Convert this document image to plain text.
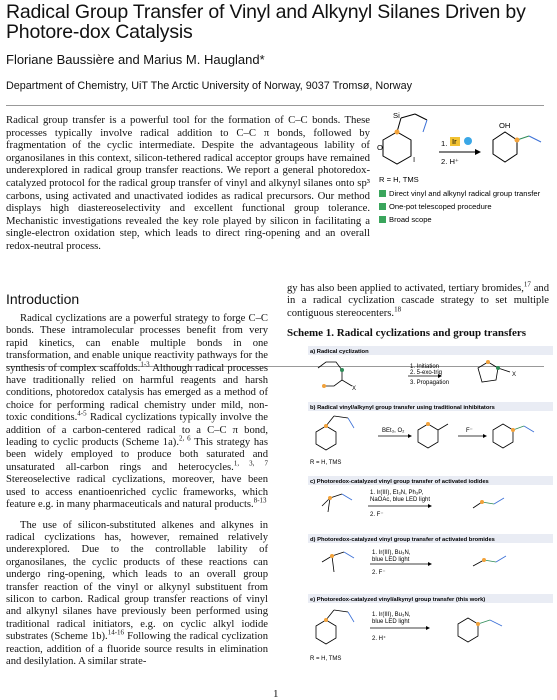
Radical Group Transfer of Vinyl and Alkynyl Silanes Driven by Photore-dox Catalysis
Floriane Baussière and Marius M. Haugland*
Department of Chemistry, UiT The Arctic University of Norway, 9037 Tromsø, Norway
Radical group transfer is a powerful tool for the formation of C–C bonds. These processes typically involve radical addition to C–C π bonds, followed by fragmentation of the cyclic intermediate. Despite the advantageous lability of organosilanes in this context, silicon-tethered radical acceptor groups have remained underexplored in radical group transfer reactions. We report a general photoredox-catalyzed protocol for the radical group transfer of vinyl and alkynyl silanes onto sp³ carbons, using activated and unactivated iodides as radical precursors. Our method displays high diastereoselectivity and excellent functional group tolerance. Mechanistic investigations revealed the key role played by silicon in facilitating a single-electron oxidation step, which leads to direct ring-opening and an overall redox-neutral process.
Si
O
I
1. Ir
2. H⁺
OH
R = H, TMS
Direct vinyl and alkynyl radical group transfer
One-pot telescoped procedure
Broad scope
Introduction

Radical cyclizations are a powerful strategy to forge C–C bonds. These intramolecular processes benefit from very rapid kinetics, can enable multiple bonds in one transformation, and enable unique reactivity pathways for the synthesis of complex scaffolds.$^{1-3}$ Although radical processes have traditionally relied on harmful reagents and harsh conditions, photoredox catalysis has emerged as a method of choice for performing radical chemistry under mild, non-toxic conditions.$^{4-5}$ Radical cyclizations typically involve the addition of a carbon-centered radical to a C–C π bond, leading to cyclic products (Scheme 1a).$^{2, 6}$ This strategy has been widely employed to produce both saturated and unsaturated all-carbon rings and heterocycles.$^{1, 3, 7}$ Stereoselective radical cyclizations, moreover, have been used to access enantioenriched cyclic frameworks, which feature e.g. in many pharmaceuticals and natural products.$^{8-13}$

The use of silicon-substituted alkenes and alkynes in radical cyclizations has, however, remained relatively underexplored. Due to the controllable lability of organosilanes, the cyclic products of these reactions can undergo ring-opening, which leads to an overall group transfer reaction of the vinyl or alkynyl substituent from silicon to carbon. Radical group transfer reactions of vinyl and alkynyl silanes have previously been performed using traditional radical initiators, e.g. on cyclic alkyl iodide substrates (Scheme 1b).$^{14-16}$ Following the radical cyclization reaction, addition of a fluoride source results in elimination and desilylation. A similar strate-

gy has also been applied to activated, tertiary bromides,$^{17}$ and in a radical cyclization cascade strategy to set multiple contiguous stereocenters.$^{18}$
Scheme 1. Radical cyclizations and group transfers
a) Radical cyclization
X
X
1. Initiation
2. 5-exo-trig
3. Propagation
b) Radical vinyl/alkynyl group transfer using traditional inhibitators
BEt₃, O₂	F⁻
R = H, TMS
c) Photoredox-catalyzed vinyl group transfer of activated iodides
1. Ir(III), Et₃N, Ph₃P,
NaOAc, blue LED light
2. F⁻
d) Photoredox-catalyzed vinyl group transfer of activated bromides
1. Ir(III), Bu₃N,
blue LED light
2. F⁻
e) Photoredox-catalyzed vinyl/alkynyl group transfer (this work)
1. Ir(III), Bu₃N,
blue LED light
2. H⁺
R = H, TMS
1
